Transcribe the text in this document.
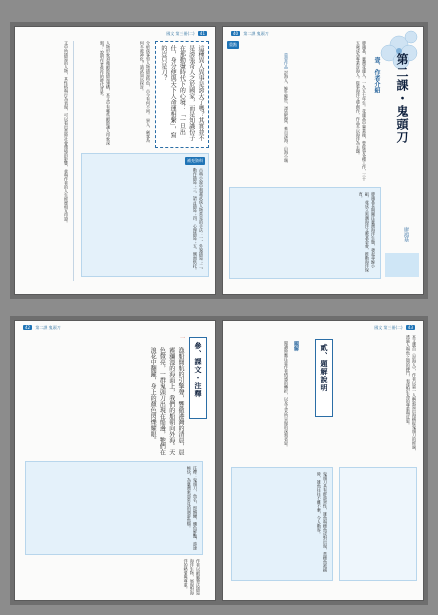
國文 第三冊(二) 41
這種異人異事是誇大了嗎？其實並不是誇張奇人之於國家，而是知識份子在那動盪時代下的心境：「一旦出仕，身分便與天下人命運相繫」，寫的豈只是刀？
分析俠客型人物描寫特色，古今有何不同。 異人、劍客為何多被神化？請試加以探討。
人物形象須藉細節描寫建構，本文中有哪些細節讓人印象深刻？ 說明作者寫作的時代背景。
補充資料
古典小說中刻畫武俠人物常見的手法：一、外貌描寫；二、動作描寫；三、語言描寫；四、心理描寫；五、側面烘托。
文中所描寫的人物，其性格與行為表現，可以看出當時社會環境的影響，並與作者的人生經歷相互印證。
40 第二課 鬼頭刀
第二課・鬼頭刀
廖鴻基
壹、作者介紹
重點	廖鴻基，臺灣花蓮人，一九五七年生。花蓮高中畢業後，曾從事各種工作，三十五歲成為專業討海人。從事海洋文學創作，作品多以海洋為主題。
重要作品 討海人、鯨生鯨世、漂流監獄、來自深海、山海小城
廖鴻基長期關注臺灣海洋生態，發起尋鯨小組，並成立黑潮海洋文教基金會，推動海洋保育。
42 第二課 鬼頭刀
參、課文・注釋
一
漁船開航的引擎聲，響徹港灣的清晨，晨霧瀰漫的海面上，我們的船朝向外海。天色微亮，一群鬼頭刀出現在船邊，牠們在浪花中翻躍，身上的顏色閃爍耀眼。
注釋：鬼頭刀，魚名，即鯕鰍，體色鮮豔，游速極快，為臺灣東部常見的洄游魚類。
作者以細膩筆法描寫海洋生物，展現對海洋的熱愛與尊重。
國文 第三冊(二) 43
貳、題解說明	本文選自《討海人》，作者以第一人稱敘寫出海捕捉鬼頭刀的經過，透過人與魚之間的搏鬥，表達對生命的尊重與反思。
題解
閱讀時應注意作者情感的轉折，以及文末所呈現的深刻省思。
鬼頭刀具有群游習性，雄魚與雌魚成對出現，當雌魚被捕時，雄魚往往不離不棄，令人動容。
